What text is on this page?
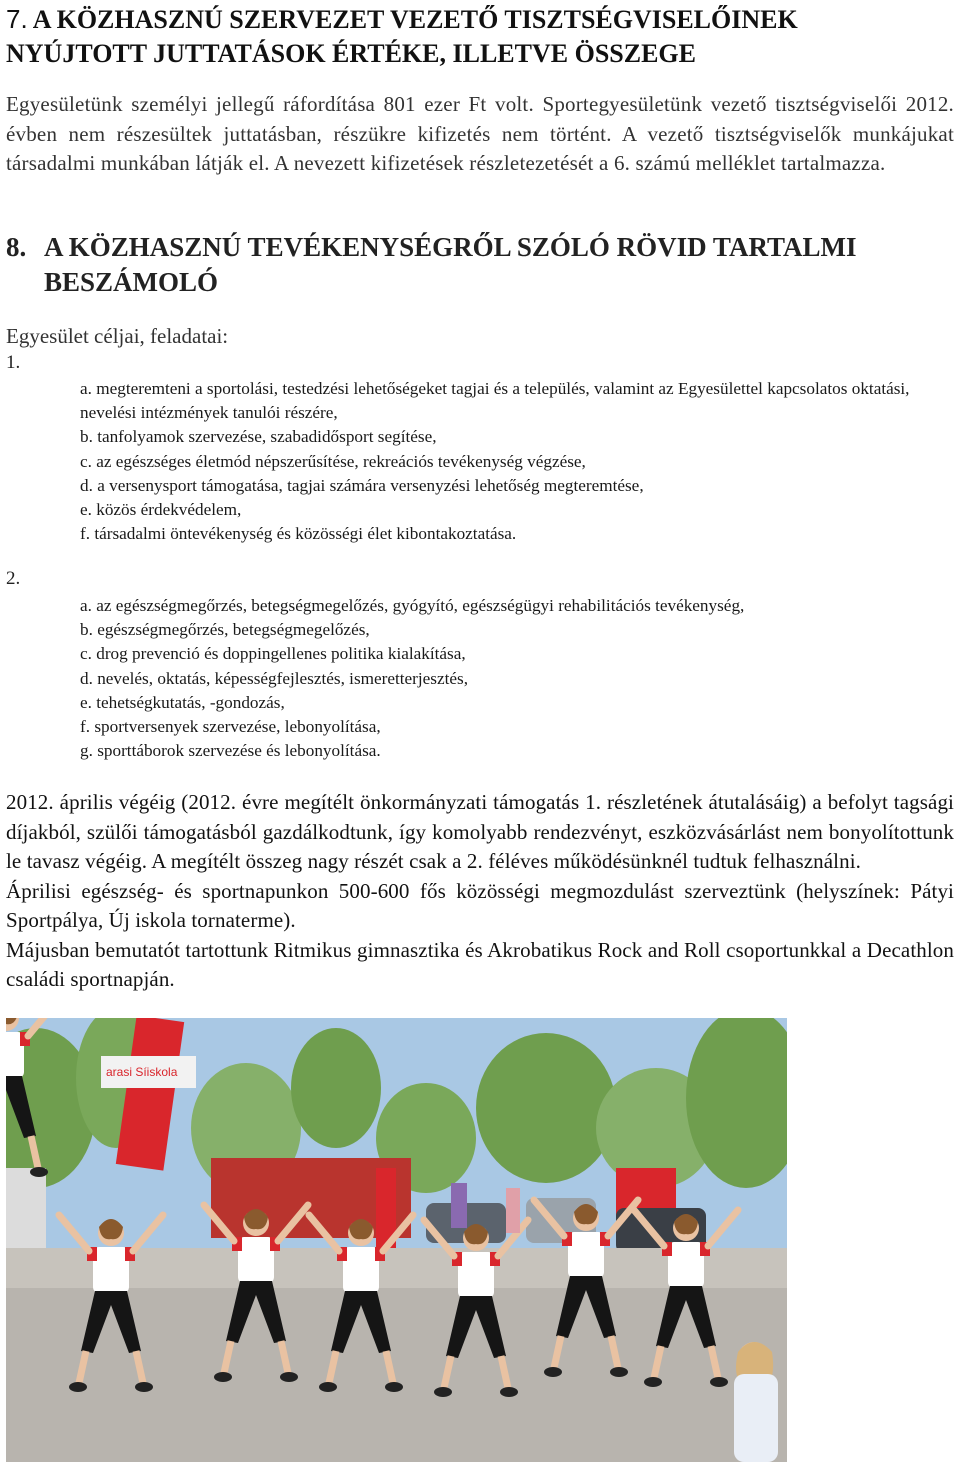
7. A KÖZHASZNÚ SZERVEZET VEZETŐ TISZTSÉGVISELŐINEK
NYÚJTOTT JUTTATÁSOK ÉRTÉKE, ILLETVE ÖSSZEGE

Egyesületünk személyi jellegű ráfordítása 801 ezer Ft volt. Sportegyesületünk vezető tisztségviselői 2012. évben nem részesültek juttatásban, részükre kifizetés nem történt. A vezető tisztségviselők munkájukat társadalmi munkában látják el. A nevezett kifizetések részletezetését a 6. számú melléklet tartalmazza.

8. A KÖZHASZNÚ TEVÉKENYSÉGRŐL SZÓLÓ RÖVID TARTALMI
BESZÁMOLÓ

Egyesület céljai, feladatai:

1.

a. megteremteni a sportolási, testedzési lehetőségeket tagjai és a település, valamint az Egyesülettel kapcsolatos oktatási, nevelési intézmények tanulói részére,
b. tanfolyamok szervezése, szabadidősport segítése,
c. az egészséges életmód népszerűsítése, rekreációs tevékenység végzése,
d. a versenysport támogatása, tagjai számára versenyzési lehetőség megteremtése,
e. közös érdekvédelem,
f. társadalmi öntevékenység és közösségi élet kibontakoztatása.

2.

a. az egészségmegőrzés, betegségmegelőzés, gyógyító, egészségügyi rehabilitációs tevékenység,
b. egészségmegőrzés, betegségmegelőzés,
c. drog prevenció és doppingellenes politika kialakítása,
d. nevelés, oktatás, képességfejlesztés, ismeretterjesztés,
e. tehetségkutatás, -gondozás,
f. sportversenyek szervezése, lebonyolítása,
g. sporttáborok szervezése és lebonyolítása.

2012. április végéig (2012. évre megítélt önkormányzati támogatás 1. részletének átutalásáig) a befolyt tagsági díjakból, szülői támogatásból gazdálkodtunk, így komolyabb rendezvényt, eszközvásárlást nem bonyolítottunk le tavasz végéig. A megítélt összeg nagy részét csak a 2. féléves működésünknél tudtuk felhasználni.

Áprilisi egészség- és sportnapunkon 500-600 fős közösségi megmozdulást szerveztünk (helyszínek: Pátyi Sportpálya, Új iskola tornaterme).

Májusban bemutatót tartottunk Ritmikus gimnasztika és Akrobatikus Rock and Roll csoportunkkal a Decathlon családi sportnapján.

arasi Síiskola
